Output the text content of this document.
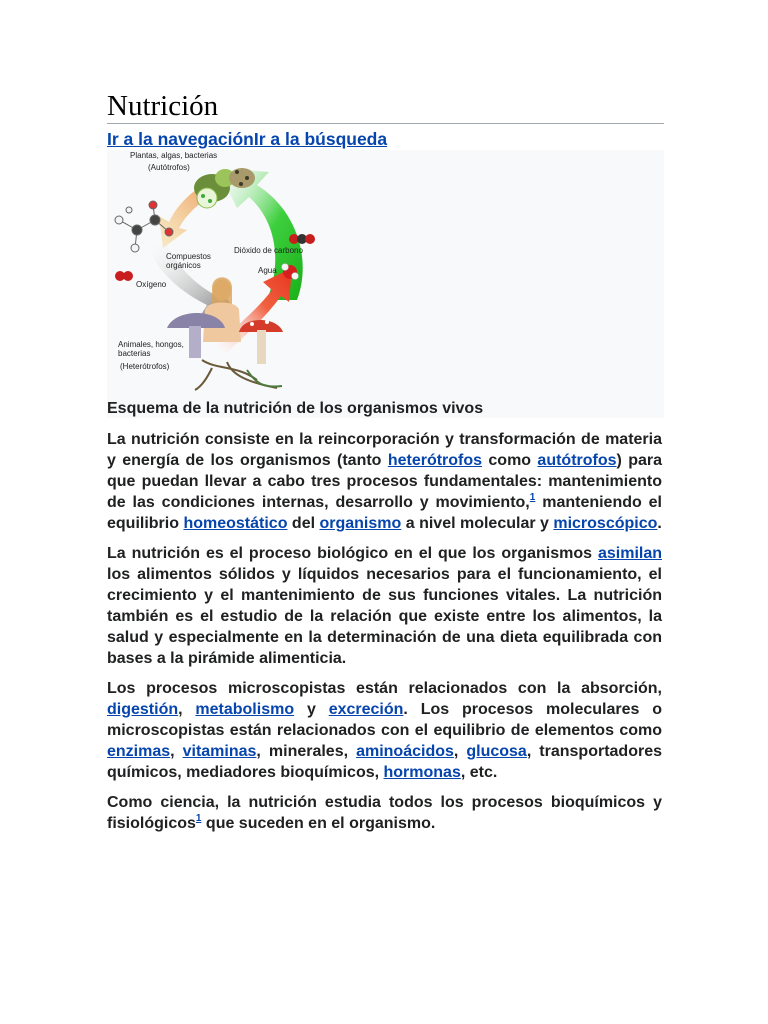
Nutrición
Ir a la navegaciónIr a la búsqueda
Plantas, algas, bacterias
(Autótrofos)
Dióxido de carbono
Compuestos
orgánicos
Agua
Oxígeno
Animales, hongos,
bacterias
(Heterótrofos)
Esquema de la nutrición de los organismos vivos

La nutrición consiste en la reincorporación y transformación de materia y energía de los organismos (tanto heterótrofos como autótrofos) para que puedan llevar a cabo tres procesos fundamentales: mantenimiento de las condiciones internas, desarrollo y movimiento,$^1$ manteniendo el equilibrio homeostático del organismo a nivel molecular y microscópico.

La nutrición es el proceso biológico en el que los organismos asimilan los alimentos sólidos y líquidos necesarios para el funcionamiento, el crecimiento y el mantenimiento de sus funciones vitales. La nutrición también es el estudio de la relación que existe entre los alimentos, la salud y especialmente en la determinación de una dieta equilibrada con bases a la pirámide alimenticia.

Los procesos microscopistas están relacionados con la absorción, digestión, metabolismo y excreción. Los procesos moleculares o microscopistas están relacionados con el equilibrio de elementos como enzimas, vitaminas, minerales, aminoácidos, glucosa, transportadores químicos, mediadores bioquímicos, hormonas, etc.

Como ciencia, la nutrición estudia todos los procesos bioquímicos y fisiológicos$^1$ que suceden en el organismo.
